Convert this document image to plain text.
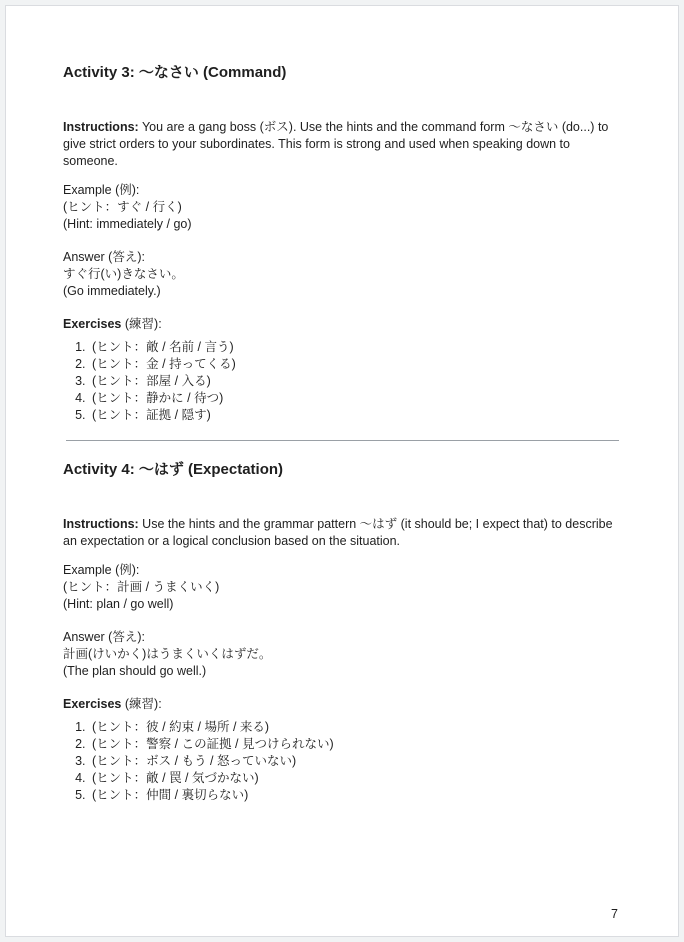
Activity 3: ～なさい (Command)

Instructions: You are a gang boss (ボス). Use the hints and the command form ～なさい (do...) to give strict orders to your subordinates. This form is strong and used when speaking down to someone.

Example (例):

(ヒント：すぐ / 行く)

(Hint: immediately / go)

Answer (答え):

すぐ行(い)きなさい。

(Go immediately.)

Exercises (練習):

1. (ヒント：敵 / 名前 / 言う)
2. (ヒント：金 / 持ってくる)
3. (ヒント：部屋 / 入る)
4. (ヒント：静かに / 待つ)
5. (ヒント：証拠 / 隠す)
Activity 4: ～はず (Expectation)

Instructions: Use the hints and the grammar pattern ～はず (it should be; I expect that) to describe an expectation or a logical conclusion based on the situation.

Example (例):

(ヒント：計画 / うまくいく)

(Hint: plan / go well)

Answer (答え):

計画(けいかく)はうまくいくはずだ。

(The plan should go well.)

Exercises (練習):

1. (ヒント：彼 / 約束 / 場所 / 来る)
2. (ヒント：警察 / この証拠 / 見つけられない)
3. (ヒント：ボス / もう / 怒っていない)
4. (ヒント：敵 / 罠 / 気づかない)
5. (ヒント：仲間 / 裏切らない)
7
